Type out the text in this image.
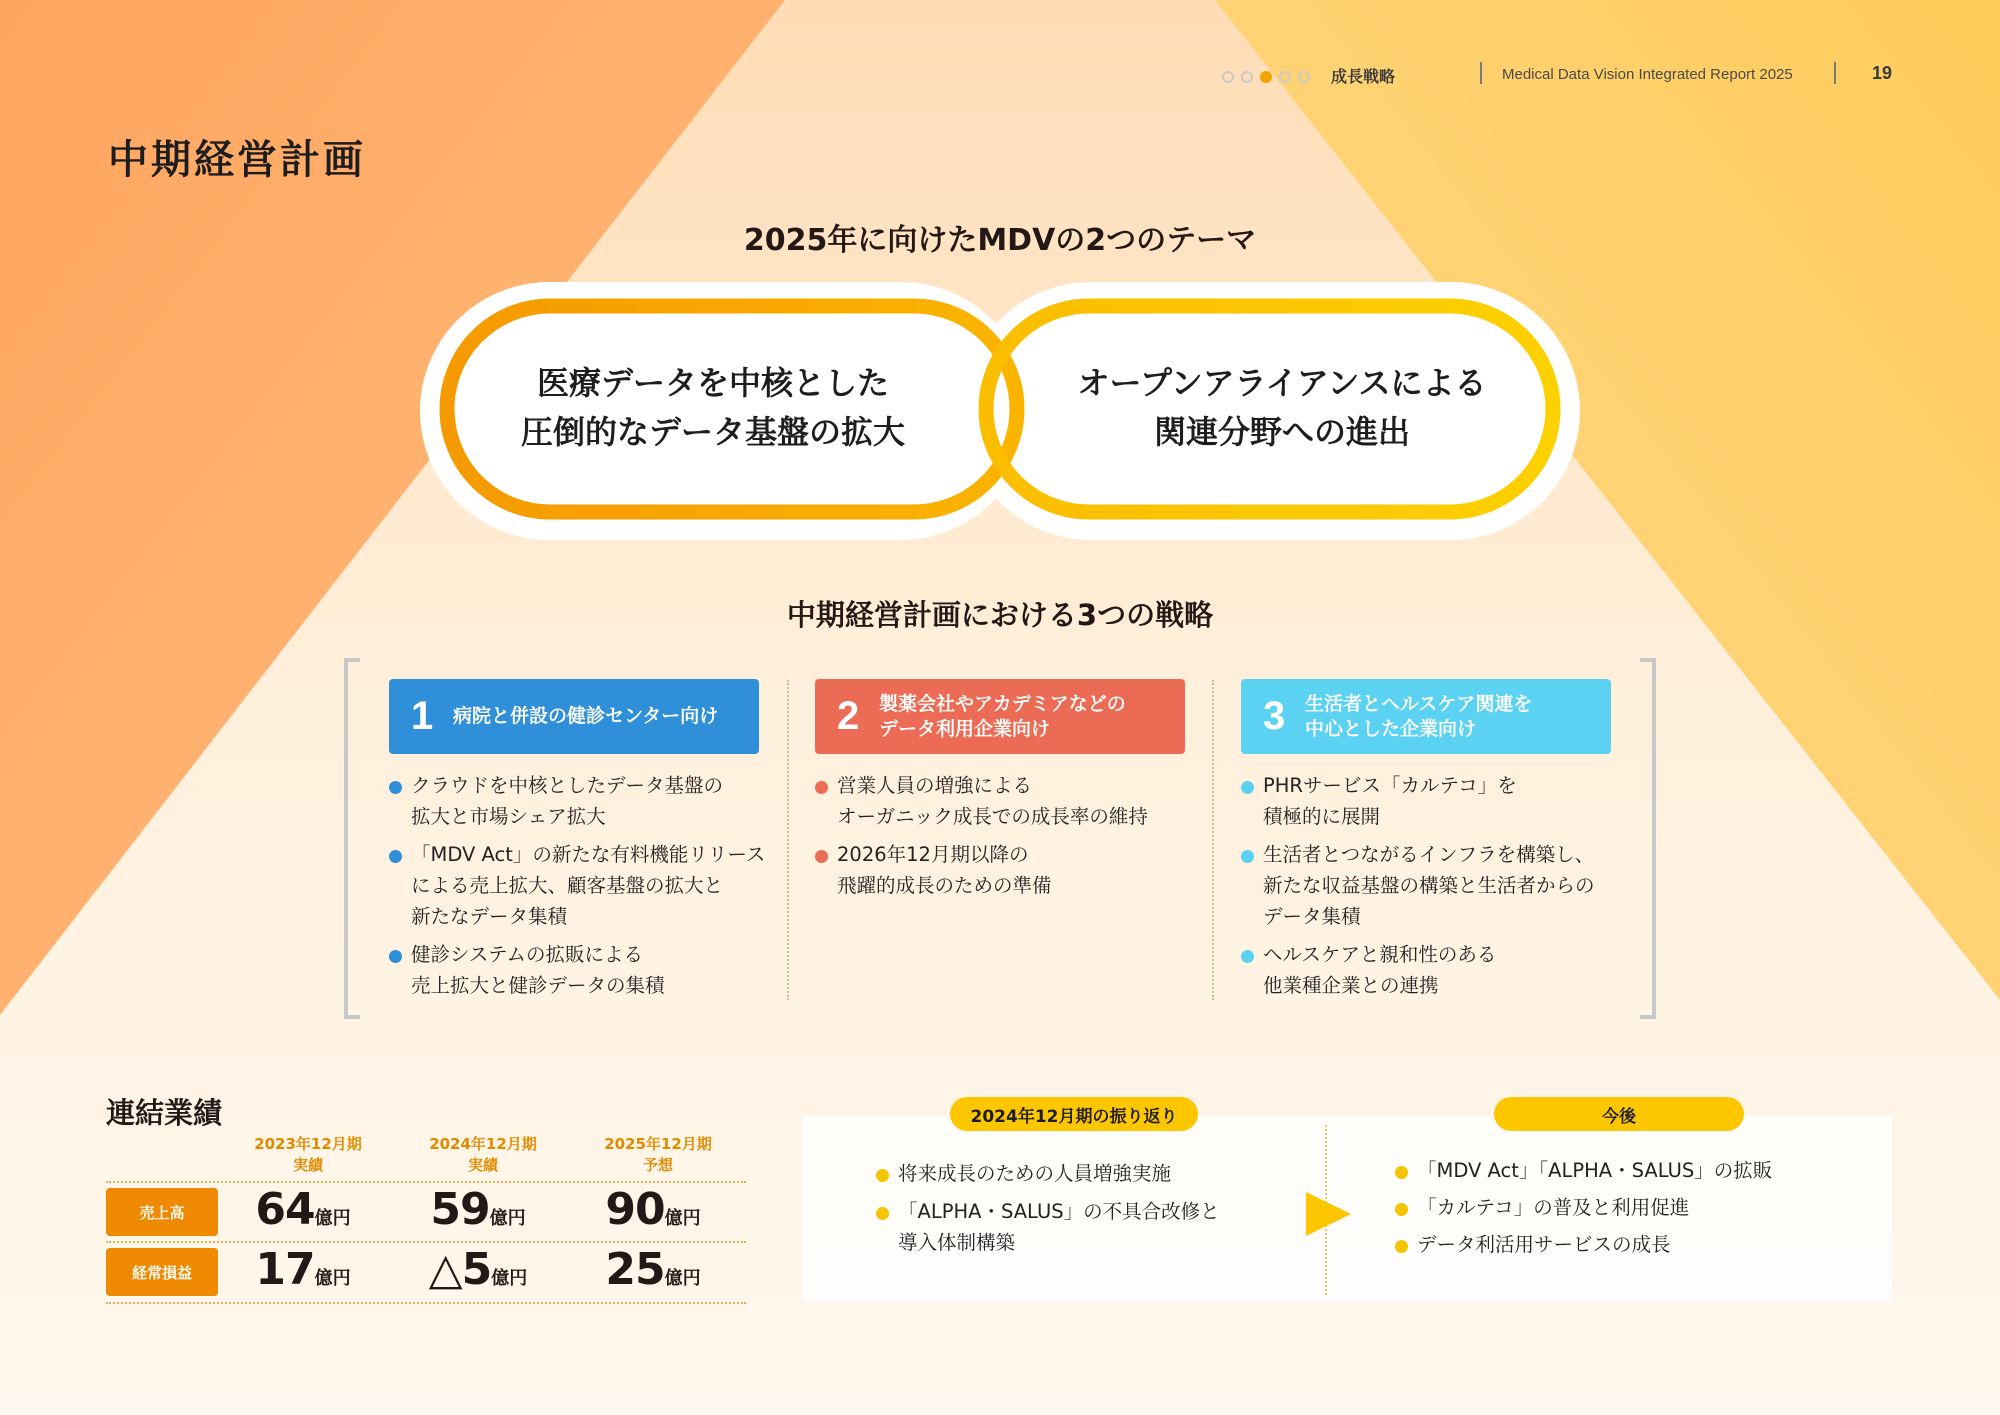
成長戦略	Medical Data Vision Integrated Report 2025	19
中期経営計画
2025年に向けたMDVの2つのテーマ
医療データを中核とした
圧倒的なデータ基盤の拡大
オープンアライアンスによる
関連分野への進出
中期経営計画における3つの戦略
1	病院と併設の健診センター向け	2	製薬会社やアカデミアなどの
データ利用企業向け	3	生活者とヘルスケア関連を
中心とした企業向け
クラウドを中核としたデータ基盤の
拡大と市場シェア拡大
「MDV Act」の新たな有料機能リリース
による売上拡大、顧客基盤の拡大と
新たなデータ集積
健診システムの拡販による
売上拡大と健診データの集積
営業人員の増強による
オーガニック成長での成長率の維持
2026年12月期以降の
飛躍的成長のための準備
PHRサービス「カルテコ」を
積極的に展開
生活者とつながるインフラを構築し、
新たな収益基盤の構築と生活者からの
データ集積
ヘルスケアと親和性のある
他業種企業との連携
連結業績
2023年12月期
実績
2024年12月期
実績
2025年12月期
予想
売上高	64億円	59億円	90億円
経常損益	17億円	△5億円	25億円
2024年12月期の振り返り	今後
将来成長のための人員増強実施
「ALPHA・SALUS」の不具合改修と
導入体制構築
「MDV Act」「ALPHA・SALUS」の拡販
「カルテコ」の普及と利用促進
データ利活用サービスの成長
